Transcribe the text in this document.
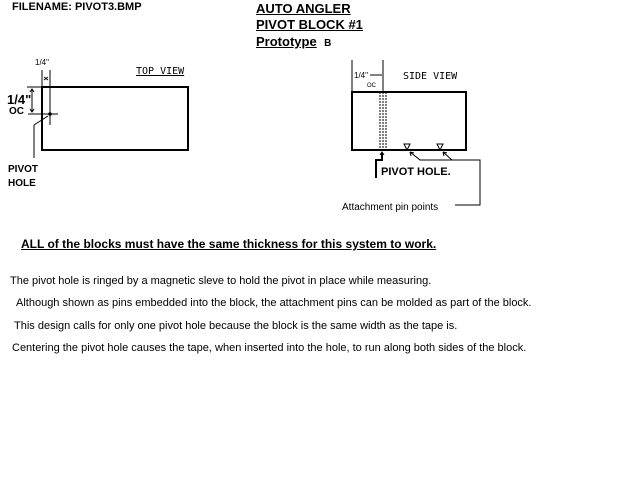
FILENAME: PIVOT3.BMP	AUTO ANGLER
PIVOT BLOCK #1
Prototype B
TOP VIEW
1/4"
1/4"
OC
PIVOT
HOLE
SIDE VIEW
1/4"
OC
PIVOT HOLE.
Attachment pin points
ALL of the blocks must have the same thickness for this system to work.
The pivot hole is ringed by a magnetic sleve to hold the pivot in place while measuring.
Although shown as pins embedded into the block, the attachment pins can be molded as part of the block.
This design calls for only one pivot hole because the block is the same width as the tape is.
Centering the pivot hole causes the tape, when inserted into the hole, to run along both sides of the block.
